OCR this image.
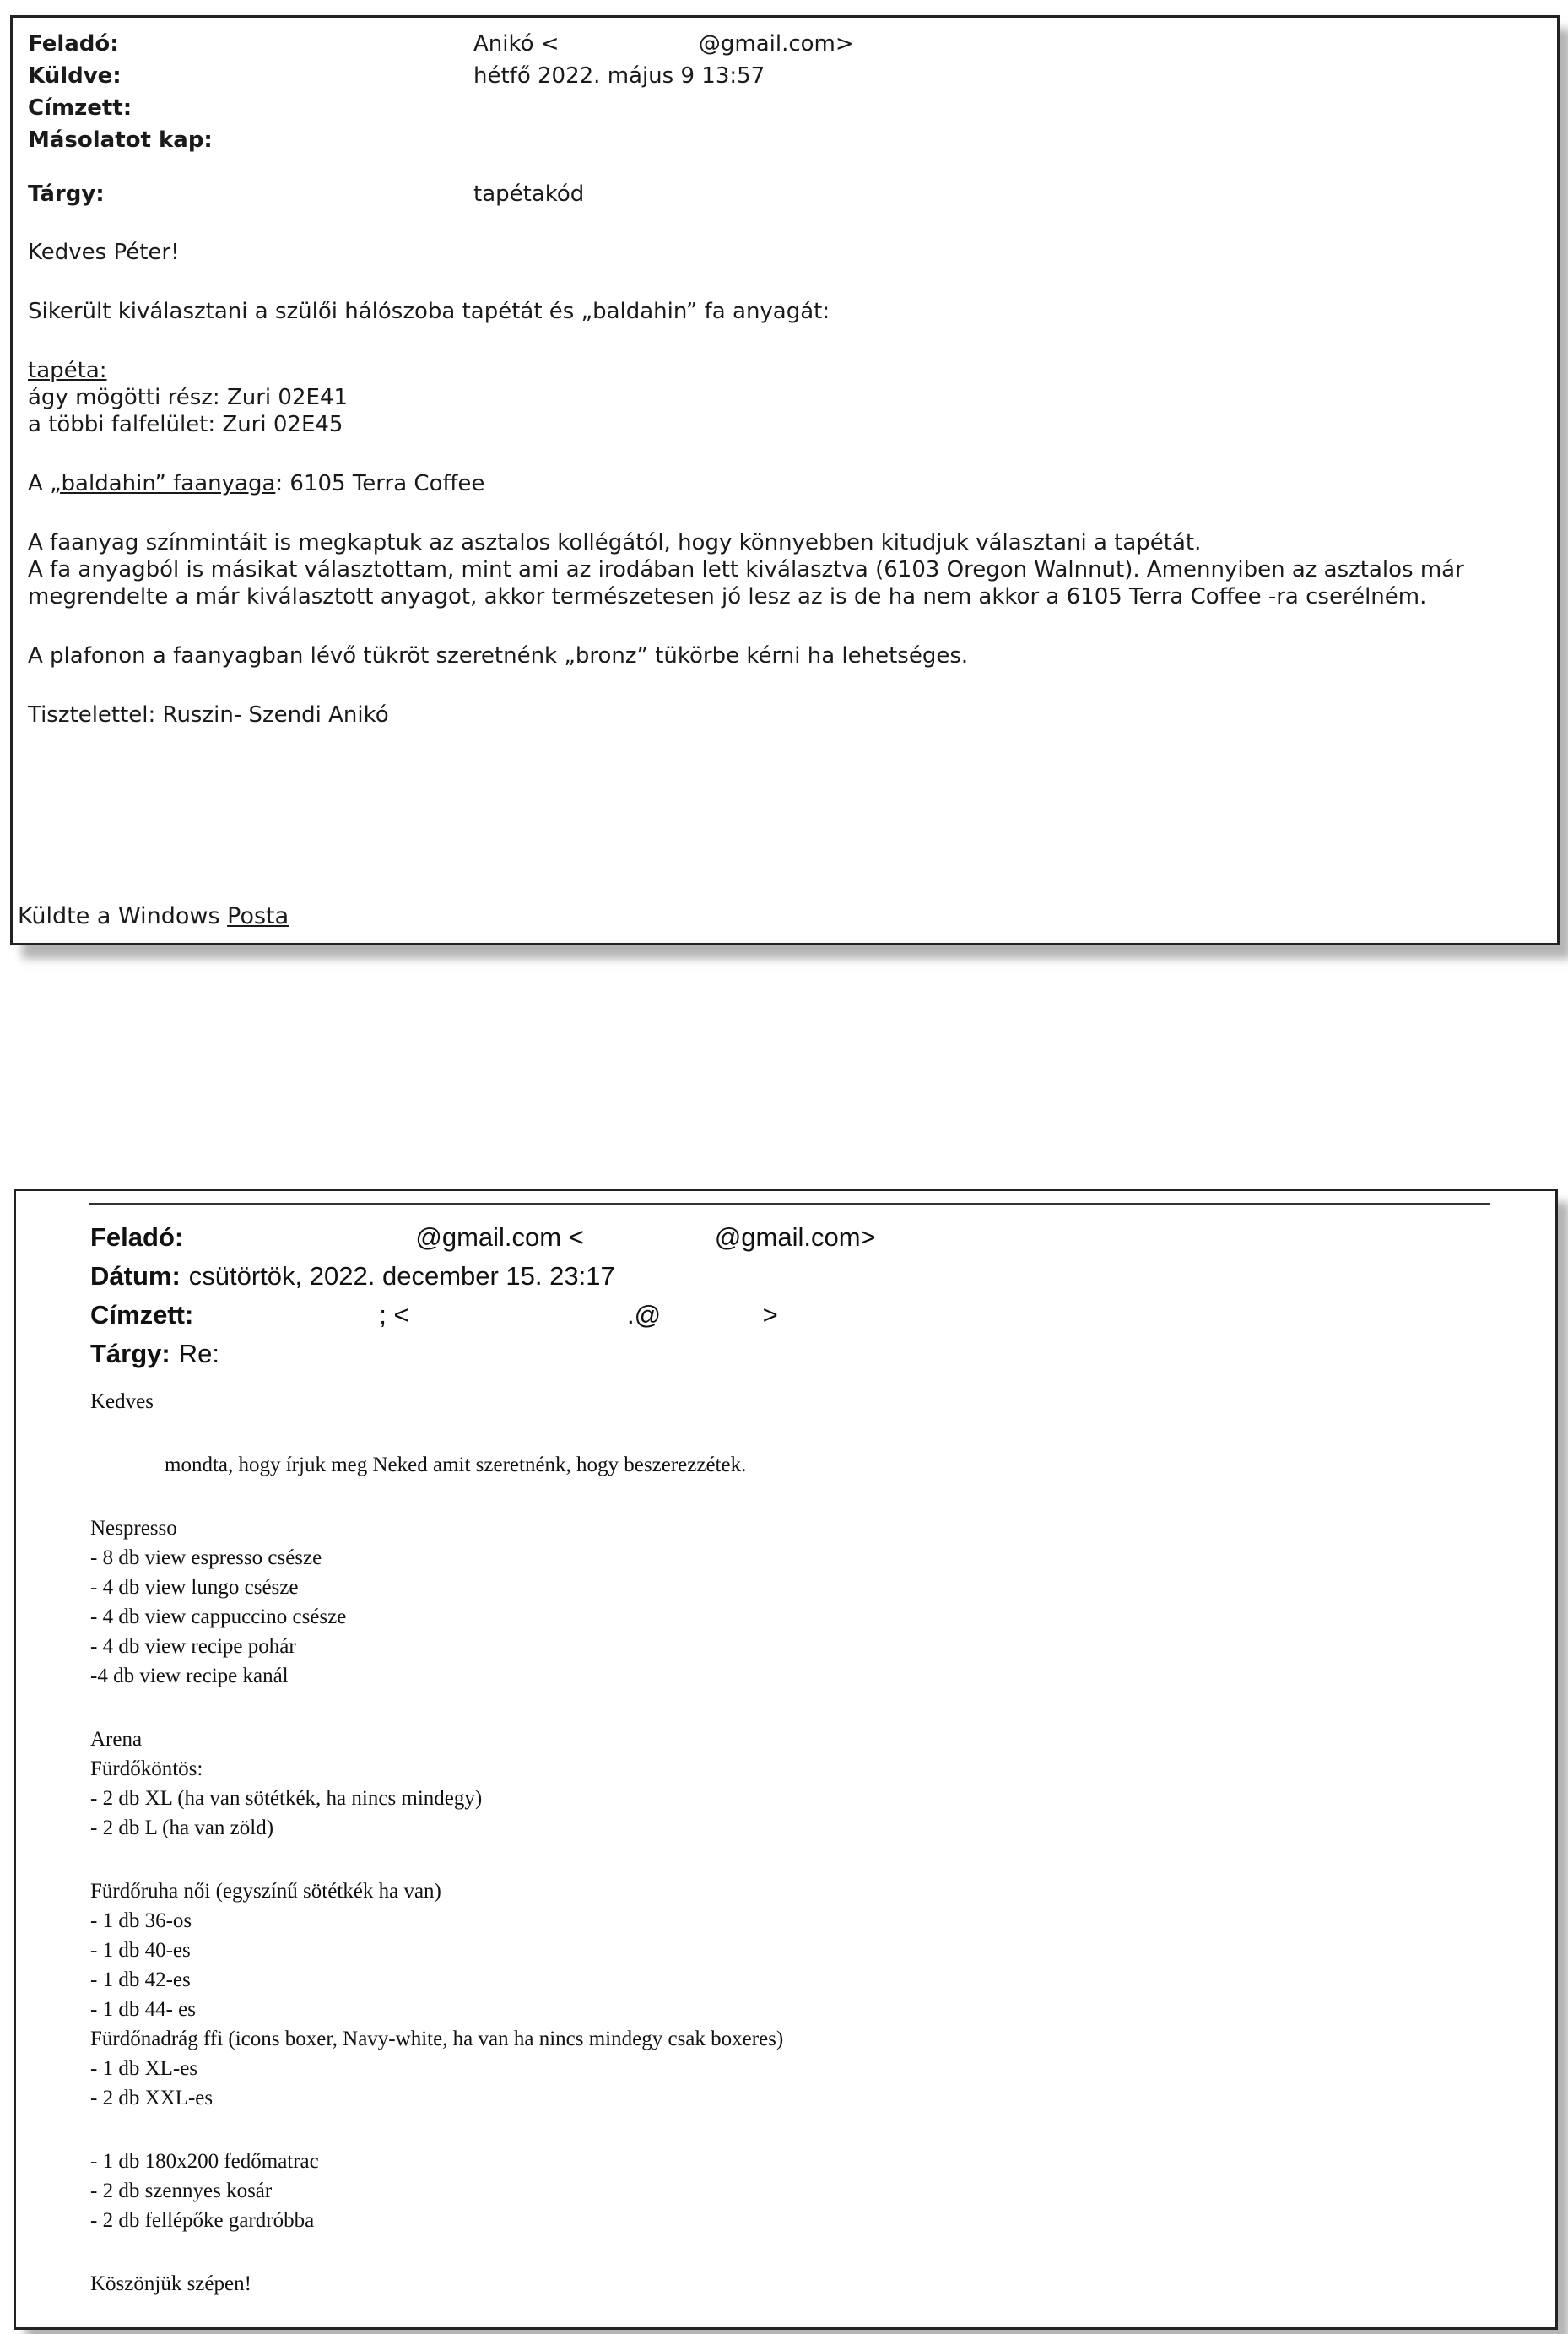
Feladó:	Anikó <                    @gmail.com>
Küldve:	hétfő 2022. május 9 13:57
Címzett:
Másolatot kap:
Tárgy:	tapétakód

Kedves Péter!

Sikerült kiválasztani a szülői hálószoba tapétát és „baldahin” fa anyagát:

tapéta:

ágy mögötti rész: Zuri 02E41

a többi falfelület: Zuri 02E45

A „baldahin” faanyaga: 6105 Terra Coffee

A faanyag színmintáit is megkaptuk az asztalos kollégától, hogy könnyebben kitudjuk választani a tapétát.
A fa anyagból is másikat választottam, mint ami az irodában lett kiválasztva (6103 Oregon Walnnut). Amennyiben az asztalos már megrendelte a már kiválasztott anyagot, akkor természetesen jó lesz az is de ha nem akkor a 6105 Terra Coffee -ra cserélném.

A plafonon a faanyagban lévő tükröt szeretnénk „bronz” tükörbe kérni ha lehetséges.

Tisztelettel: Ruszin- Szendi Anikó

Küldte a Windows Posta
Feladó:	@gmail.com <                  @gmail.com>
Dátum: csütörtök, 2022. december 15. 23:17
Címzett:	; <                              .@              >
Tárgy: Re:

Kedves

mondta, hogy írjuk meg Neked amit szeretnénk, hogy beszerezzétek.

Nespresso

- 8 db view espresso csésze

- 4 db view lungo csésze

- 4 db view cappuccino csésze

- 4 db view recipe pohár

-4 db view recipe kanál

Arena

Fürdőköntös:

- 2 db XL (ha van sötétkék, ha nincs mindegy)

- 2 db L (ha van zöld)

Fürdőruha női (egyszínű sötétkék ha van)

- 1 db 36-os

- 1 db 40-es

- 1 db 42-es

- 1 db 44- es

Fürdőnadrág ffi (icons boxer, Navy-white, ha van ha nincs mindegy csak boxeres)

- 1 db XL-es

- 2 db XXL-es

- 1 db 180x200 fedőmatrac

- 2 db szennyes kosár

- 2 db fellépőke gardróbba

Köszönjük szépen!
